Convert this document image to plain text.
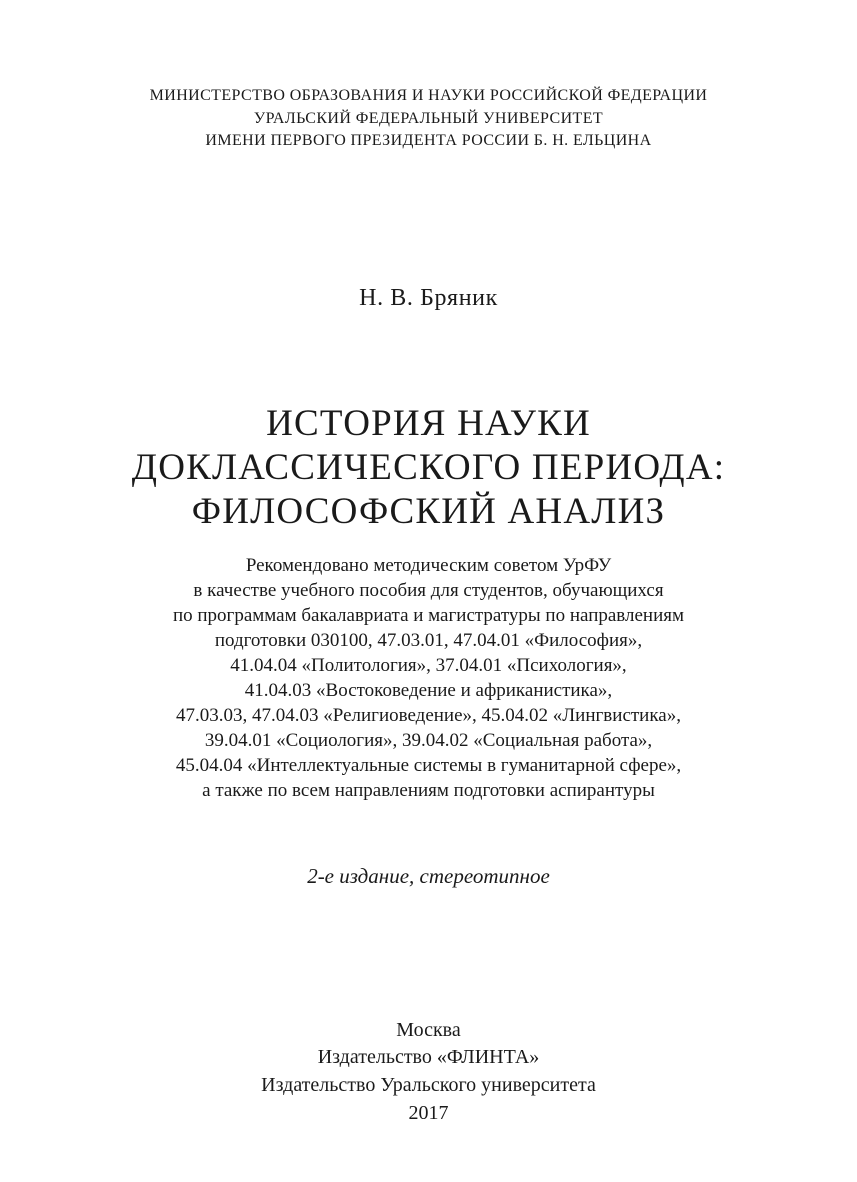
МИНИСТЕРСТВО ОБРАЗОВАНИЯ И НАУКИ РОССИЙСКОЙ ФЕДЕРАЦИИ
УРАЛЬСКИЙ ФЕДЕРАЛЬНЫЙ УНИВЕРСИТЕТ
ИМЕНИ ПЕРВОГО ПРЕЗИДЕНТА РОССИИ Б. Н. ЕЛЬЦИНА
Н. В. Бряник
ИСТОРИЯ НАУКИ
ДОКЛАССИЧЕСКОГО ПЕРИОДА:
ФИЛОСОФСКИЙ АНАЛИЗ
Рекомендовано методическим советом УрФУ
в качестве учебного пособия для студентов, обучающихся
по программам бакалавриата и магистратуры по направлениям
подготовки 030100, 47.03.01, 47.04.01 «Философия»,
41.04.04 «Политология», 37.04.01 «Психология»,
41.04.03 «Востоковедение и африканистика»,
47.03.03, 47.04.03 «Религиоведение», 45.04.02 «Лингвистика»,
39.04.01 «Социология», 39.04.02 «Социальная работа»,
45.04.04 «Интеллектуальные системы в гуманитарной сфере»,
а также по всем направлениям подготовки аспирантуры
2-е издание, стереотипное
Москва
Издательство «ФЛИНТА»
Издательство Уральского университета
2017
